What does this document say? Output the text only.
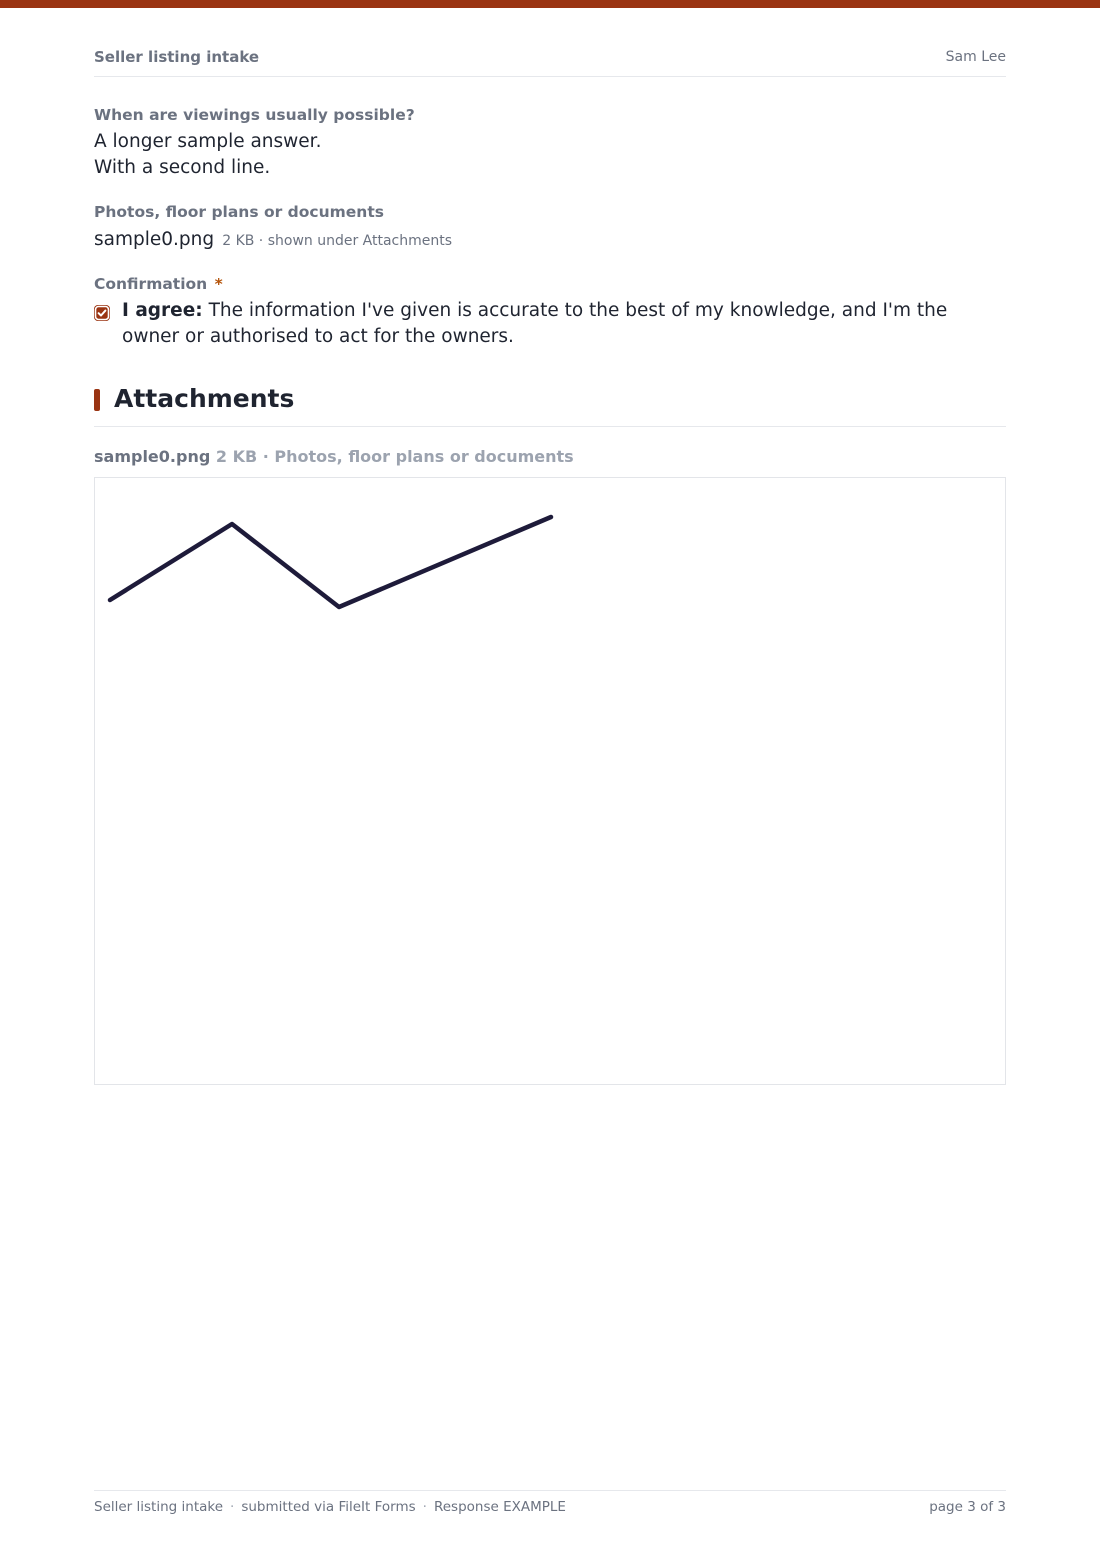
Seller listing intake	Sam Lee
When are viewings usually possible?
A longer sample answer.
With a second line.
Photos, floor plans or documents
sample0.png 2 KB · shown under Attachments
Confirmation *
I agree: The information I've given is accurate to the best of my knowledge, and I'm the owner or authorised to act for the owners.
Attachments
sample0.png 2 KB · Photos, floor plans or documents
Seller listing intake · submitted via FileIt Forms · Response EXAMPLE	page 3 of 3
